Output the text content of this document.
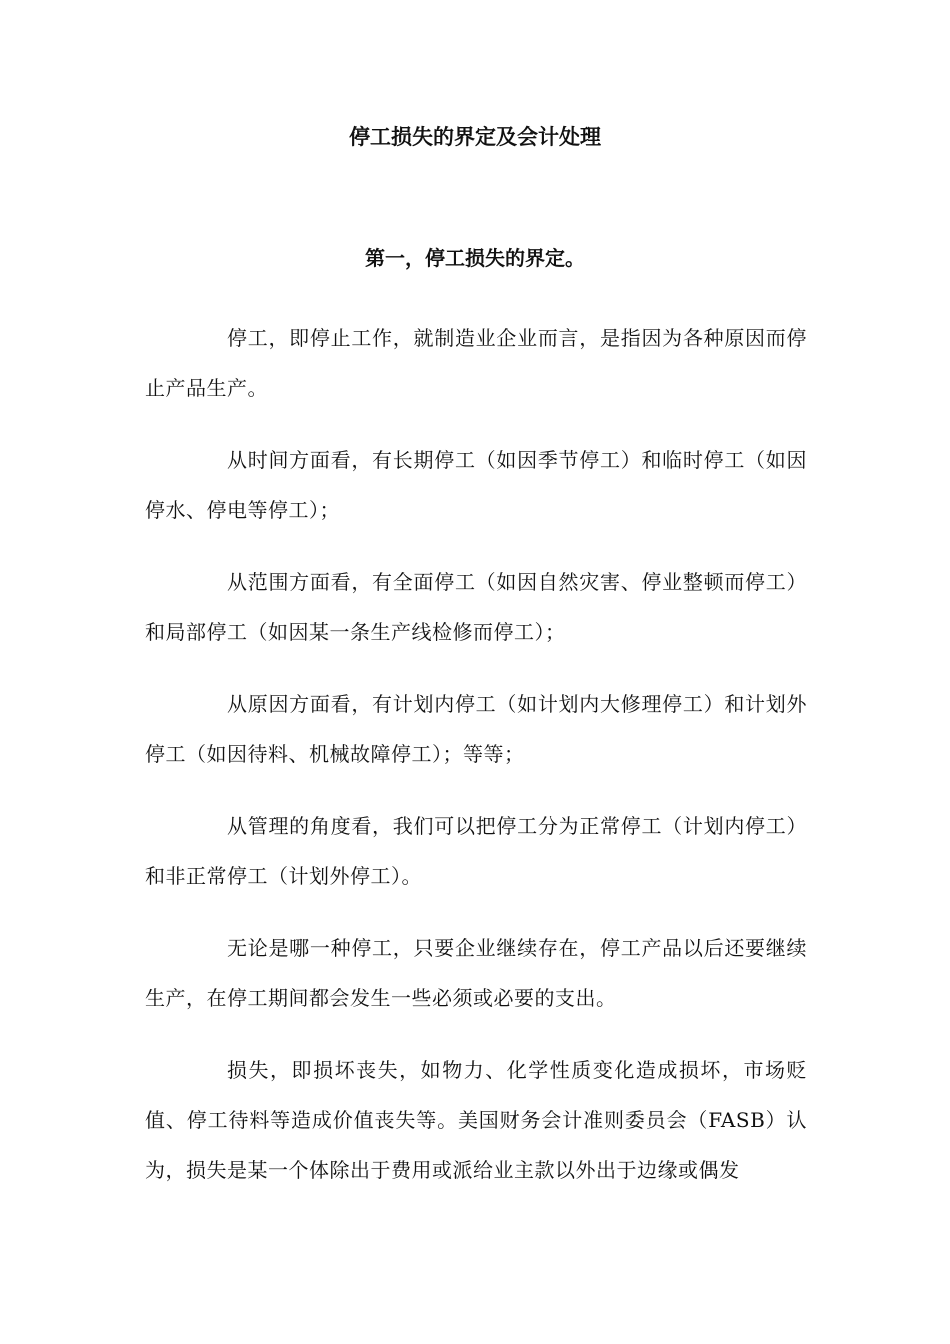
停工损失的界定及会计处理
第一，停工损失的界定。

停工，即停止工作，就制造业企业而言，是指因为各种原因而停止产品生产。

从时间方面看，有长期停工（如因季节停工）和临时停工（如因停水、停电等停工）；

从范围方面看，有全面停工（如因自然灾害、停业整顿而停工）和局部停工（如因某一条生产线检修而停工）；

从原因方面看，有计划内停工（如计划内大修理停工）和计划外停工（如因待料、机械故障停工）；等等；

从管理的角度看，我们可以把停工分为正常停工（计划内停工）和非正常停工（计划外停工）。

无论是哪一种停工，只要企业继续存在，停工产品以后还要继续生产，在停工期间都会发生一些必须或必要的支出。

损失，即损坏丧失，如物力、化学性质变化造成损坏，市场贬值、停工待料等造成价值丧失等。美国财务会计准则委员会（FASB）认为，损失是某一个体除出于费用或派给业主款以外出于边缘或偶发
